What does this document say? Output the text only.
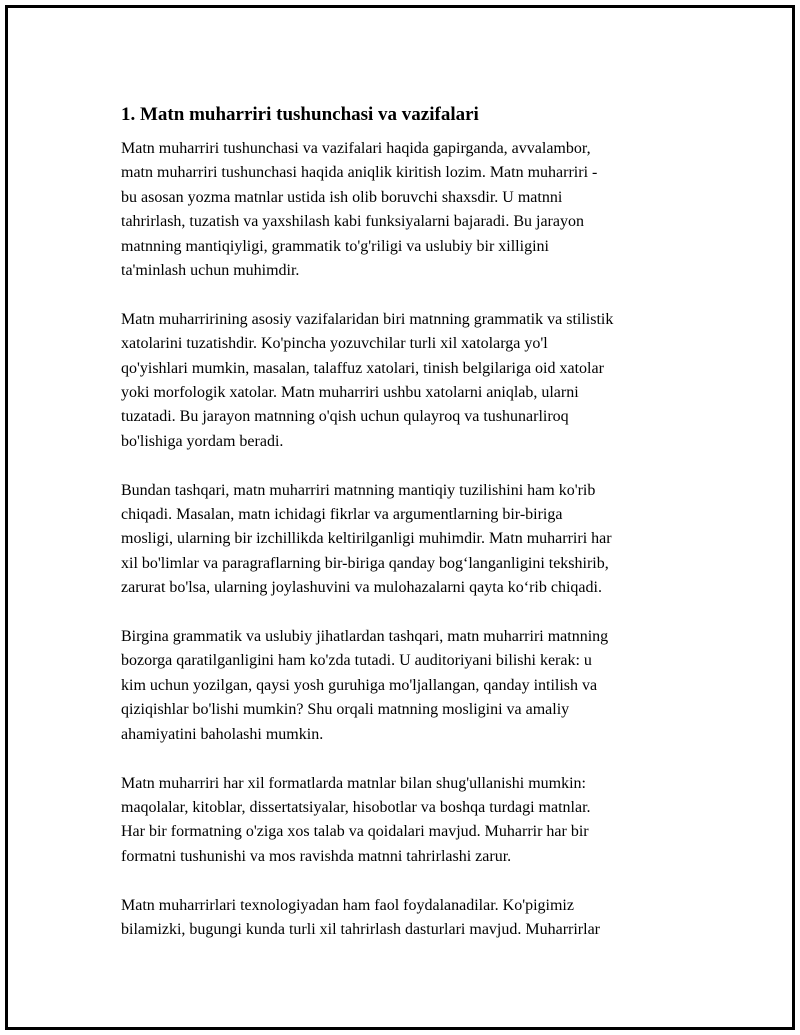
1. Matn muharriri tushunchasi va vazifalari

Matn muharriri tushunchasi va vazifalari haqida gapirganda, avvalambor,
matn muharriri tushunchasi haqida aniqlik kiritish lozim. Matn muharriri -
bu asosan yozma matnlar ustida ish olib boruvchi shaxsdir. U matnni
tahrirlash, tuzatish va yaxshilash kabi funksiyalarni bajaradi. Bu jarayon
matnning mantiqiyligi, grammatik to'g'riligi va uslubiy bir xilligini
ta'minlash uchun muhimdir.

Matn muharririning asosiy vazifalaridan biri matnning grammatik va stilistik
xatolarini tuzatishdir. Ko'pincha yozuvchilar turli xil xatolarga yo'l
qo'yishlari mumkin, masalan, talaffuz xatolari, tinish belgilariga oid xatolar
yoki morfologik xatolar. Matn muharriri ushbu xatolarni aniqlab, ularni
tuzatadi. Bu jarayon matnning o'qish uchun qulayroq va tushunarliroq
bo'lishiga yordam beradi.

Bundan tashqari, matn muharriri matnning mantiqiy tuzilishini ham ko'rib
chiqadi. Masalan, matn ichidagi fikrlar va argumentlarning bir-biriga
mosligi, ularning bir izchillikda keltirilganligi muhimdir. Matn muharriri har
xil bo'limlar va paragraflarning bir-biriga qanday bog‘langanligini tekshirib,
zarurat bo'lsa, ularning joylashuvini va mulohazalarni qayta ko‘rib chiqadi.

Birgina grammatik va uslubiy jihatlardan tashqari, matn muharriri matnning
bozorga qaratilganligini ham ko'zda tutadi. U auditoriyani bilishi kerak: u
kim uchun yozilgan, qaysi yosh guruhiga mo'ljallangan, qanday intilish va
qiziqishlar bo'lishi mumkin? Shu orqali matnning mosligini va amaliy
ahamiyatini baholashi mumkin.

Matn muharriri har xil formatlarda matnlar bilan shug'ullanishi mumkin:
maqolalar, kitoblar, dissertatsiyalar, hisobotlar va boshqa turdagi matnlar.
Har bir formatning o'ziga xos talab va qoidalari mavjud. Muharrir har bir
formatni tushunishi va mos ravishda matnni tahrirlashi zarur.

Matn muharrirlari texnologiyadan ham faol foydalanadilar. Ko'pigimiz
bilamizki, bugungi kunda turli xil tahrirlash dasturlari mavjud. Muharrirlar
